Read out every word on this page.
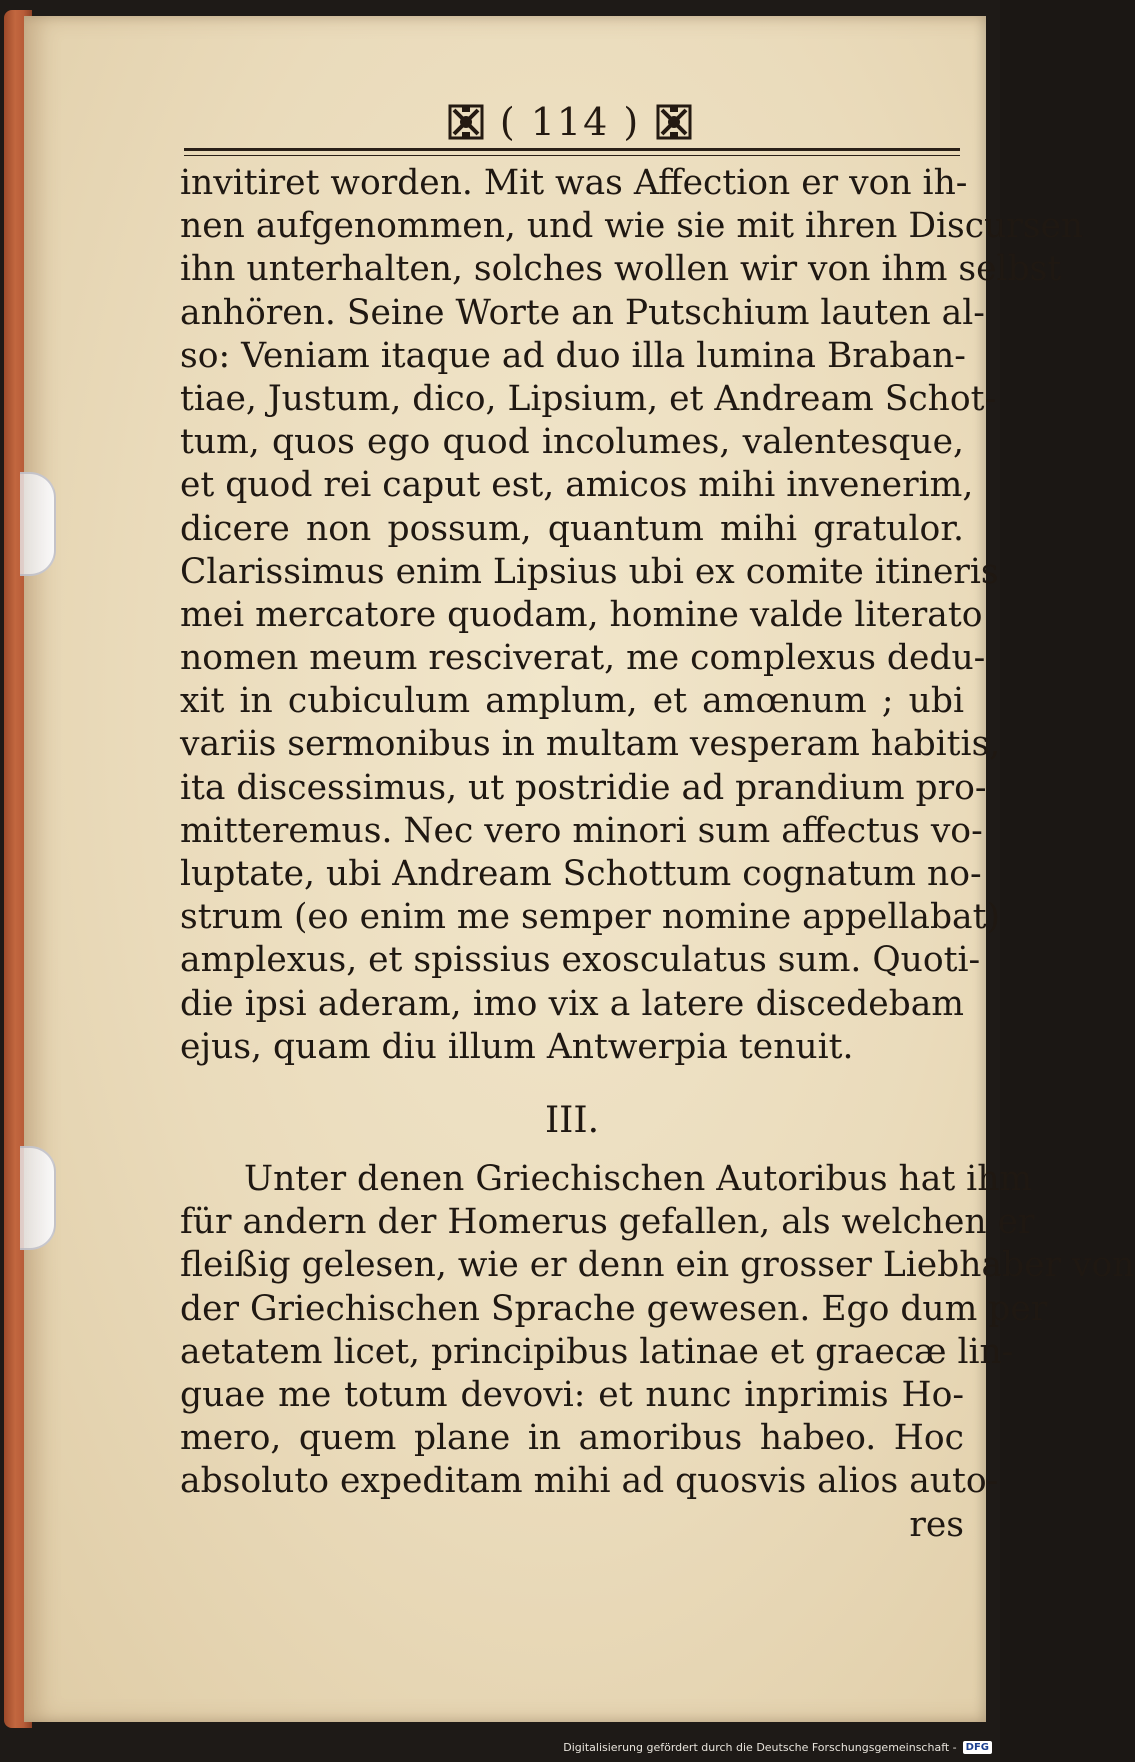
( 114 )
invitiret worden. Mit was Affection er von ih-
nen aufgenommen, und wie sie mit ihren Discursen
ihn unterhalten, solches wollen wir von ihm selbst
anhören. Seine Worte an Putschium lauten al-
so: Veniam itaque ad duo illa lumina Braban-
tiae, Justum, dico, Lipsium, et Andream Schot-
tum, quos ego quod incolumes, valentesque,
et quod rei caput est, amicos mihi invenerim,
dicere non possum, quantum mihi gratulor.
Clarissimus enim Lipsius ubi ex comite itineris
mei mercatore quodam, homine valde literato
nomen meum resciverat, me complexus dedu-
xit in cubiculum amplum, et amœnum ; ubi
variis sermonibus in multam vesperam habitis,
ita discessimus, ut postridie ad prandium pro-
mitteremus. Nec vero minori sum affectus vo-
luptate, ubi Andream Schottum cognatum no-
strum (eo enim me semper nomine appellabat)
amplexus, et spissius exosculatus sum. Quoti-
die ipsi aderam, imo vix a latere discedebam
ejus, quam diu illum Antwerpia tenuit.
III.
Unter denen Griechischen Autoribus hat ihm
für andern der Homerus gefallen, als welchen er
fleißig gelesen, wie er denn ein grosser Liebhaber von
der Griechischen Sprache gewesen. Ego dum per
aetatem licet, principibus latinae et graecæ lin-
guae me totum devovi: et nunc inprimis Ho-
mero, quem plane in amoribus habeo. Hoc
absoluto expeditam mihi ad quosvis alios auto-
res
Digitalisierung gefördert durch die Deutsche Forschungsgemeinschaft - DFG
